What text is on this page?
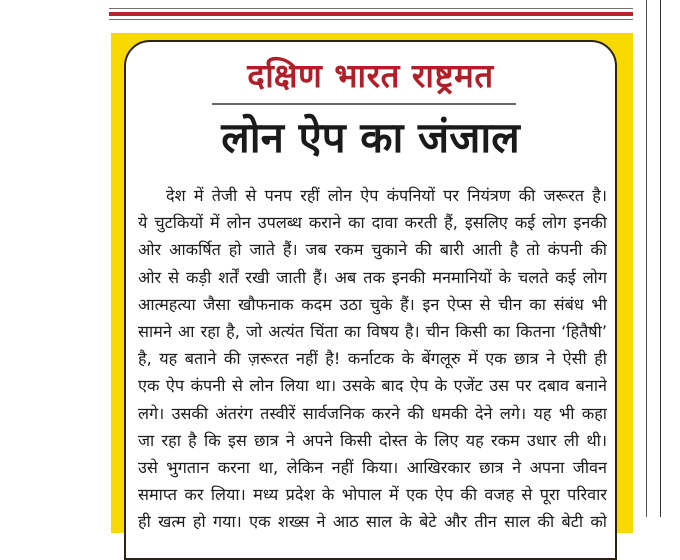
दक्षिण भारत राष्ट्रमत
लोन ऐप का जंजाल
देश में तेजी से पनप रहीं लोन ऐप कंपनियों पर नियंत्रण की जरूरत है।
ये चुटकियों में लोन उपलब्ध कराने का दावा करती हैं, इसलिए कई लोग इनकी
ओर आकर्षित हो जाते हैं। जब रकम चुकाने की बारी आती है तो कंपनी की
ओर से कड़ी शर्तें रखी जाती हैं। अब तक इनकी मनमानियों के चलते कई लोग
आत्महत्या जैसा खौफनाक कदम उठा चुके हैं। इन ऐप्स से चीन का संबंध भी
सामने आ रहा है, जो अत्यंत चिंता का विषय है। चीन किसी का कितना ‘हितैषी’
है, यह बताने की ज़रूरत नहीं है! कर्नाटक के बेंगलूरु में एक छात्र ने ऐसी ही
एक ऐप कंपनी से लोन लिया था। उसके बाद ऐप के एजेंट उस पर दबाव बनाने
लगे। उसकी अंतरंग तस्वीरें सार्वजनिक करने की धमकी देने लगे। यह भी कहा
जा रहा है कि इस छात्र ने अपने किसी दोस्त के लिए यह रकम उधार ली थी।
उसे भुगतान करना था, लेकिन नहीं किया। आखिरकार छात्र ने अपना जीवन
समाप्त कर लिया। मध्य प्रदेश के भोपाल में एक ऐप की वजह से पूरा परिवार
ही खत्म हो गया। एक शख्स ने आठ साल के बेटे और तीन साल की बेटी को
